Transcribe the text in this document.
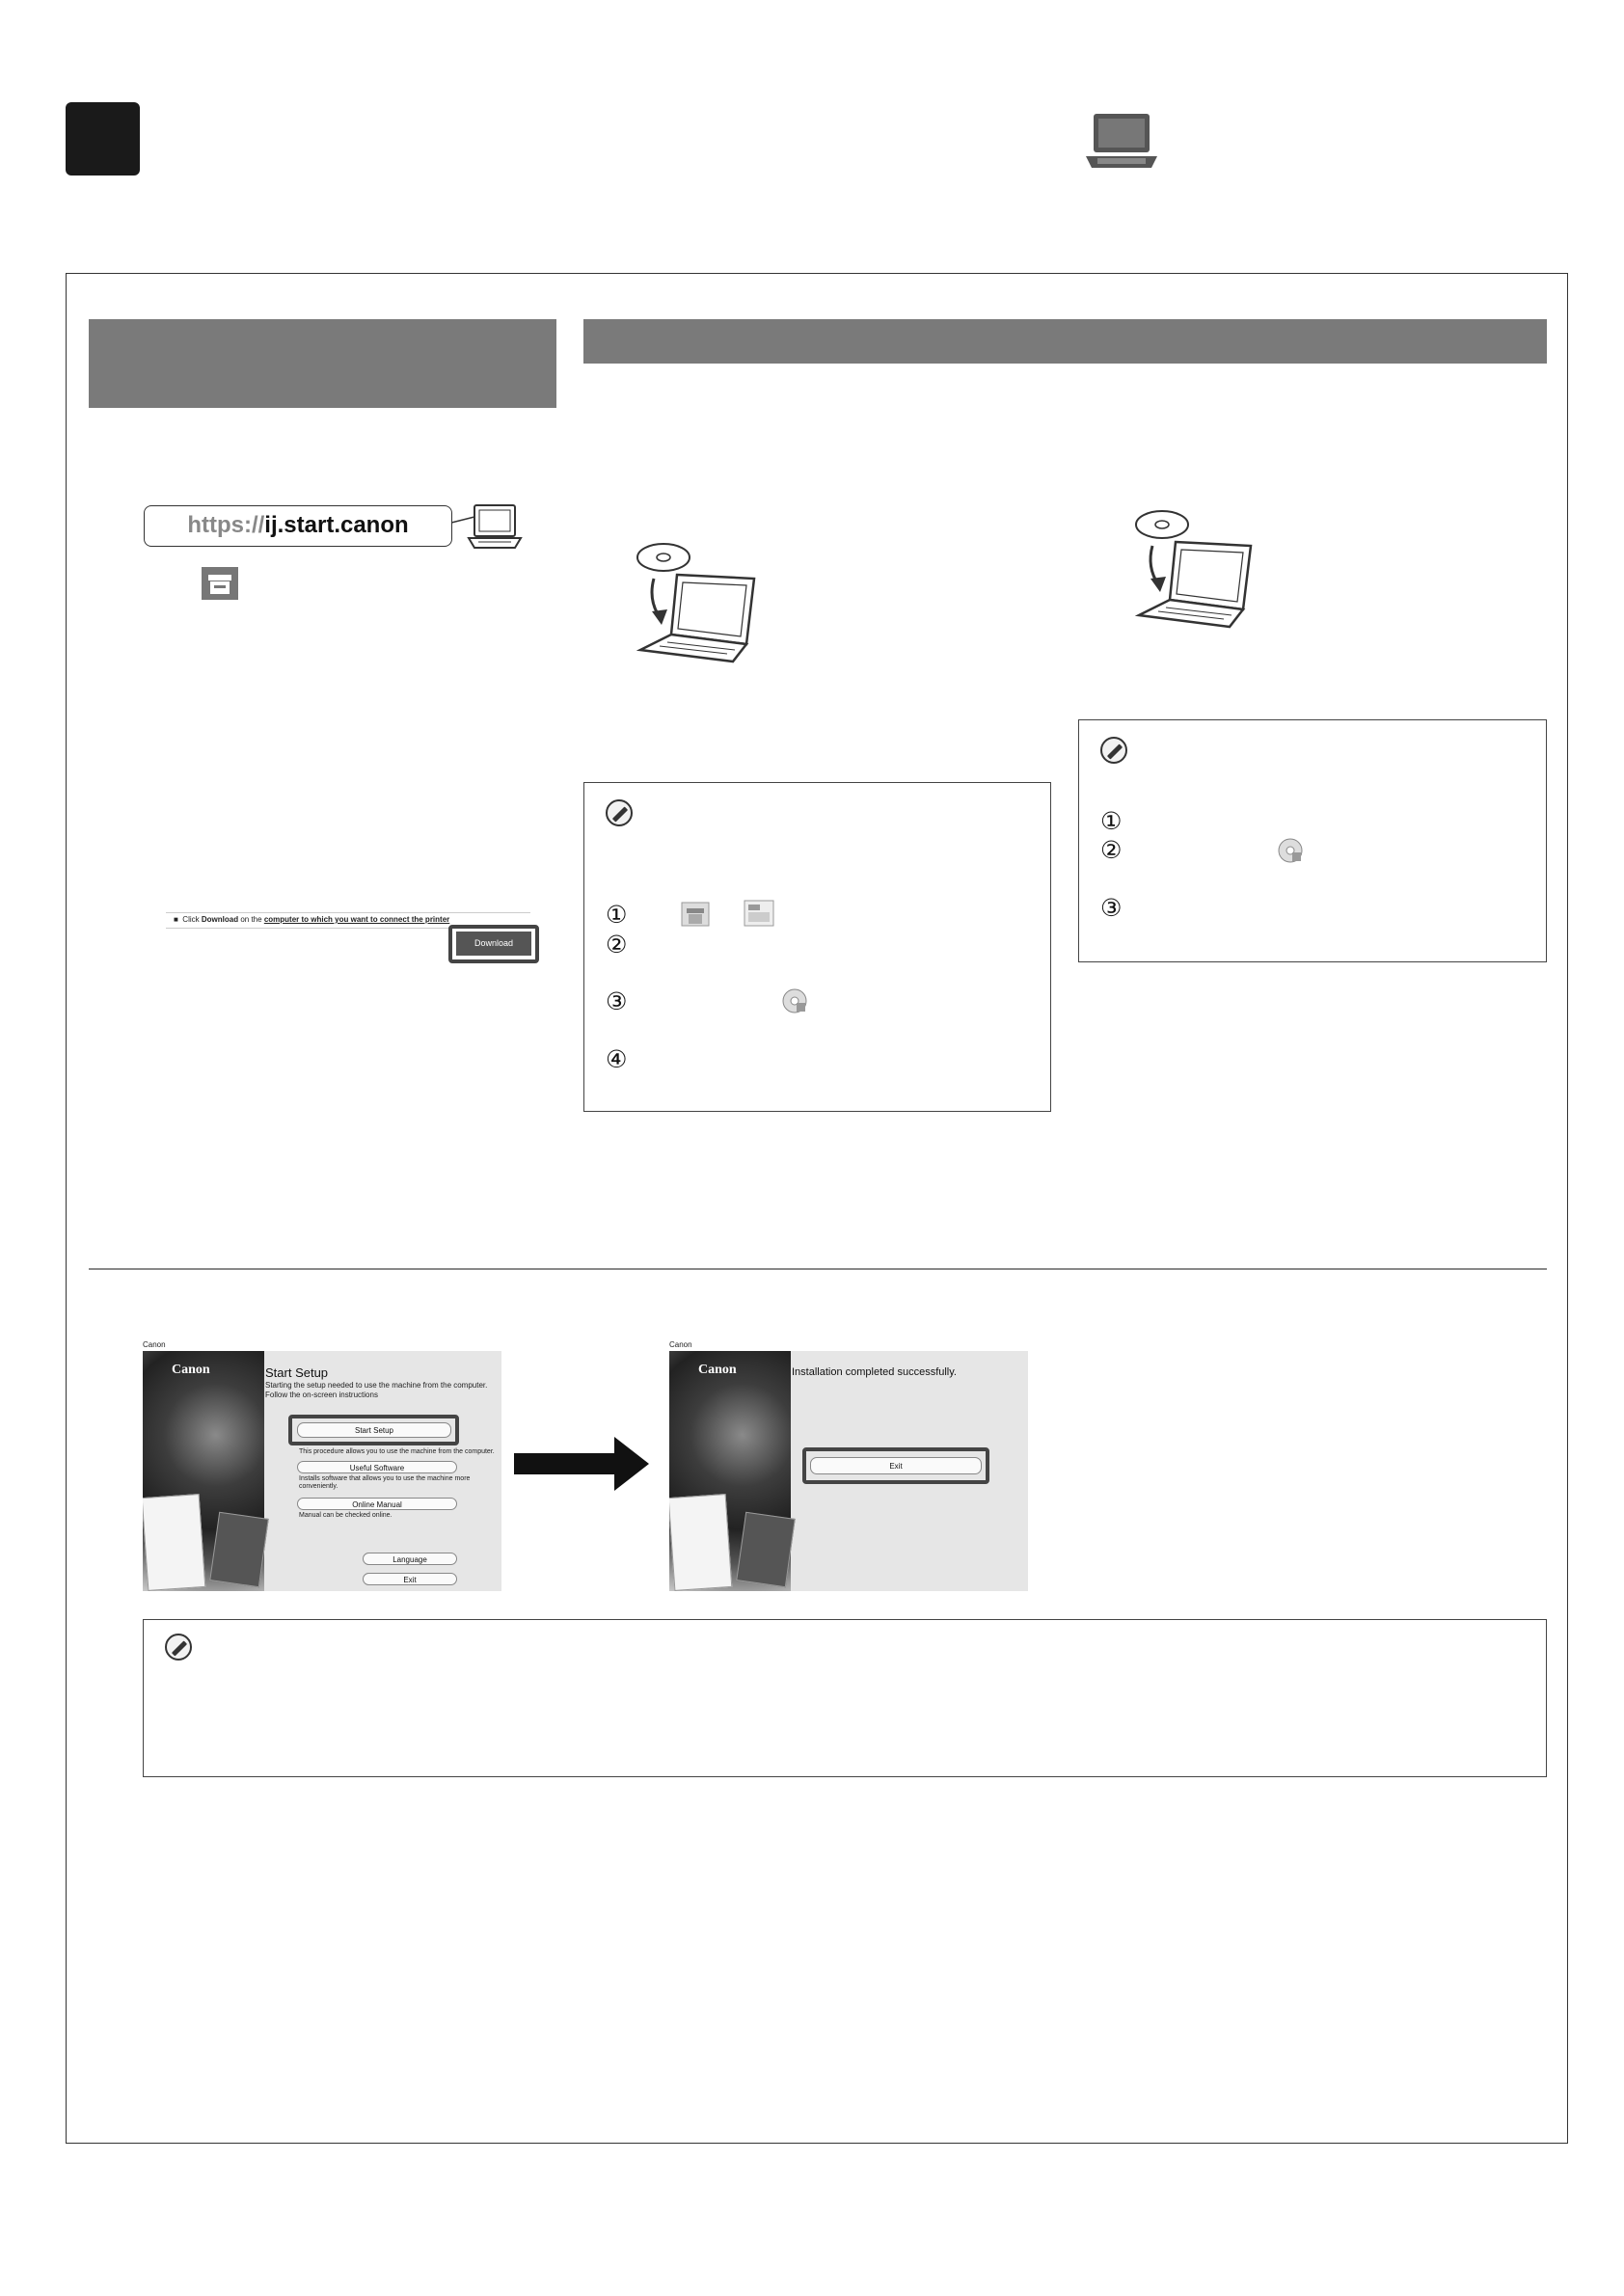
https://ij.start.canon
■ Click Download on the computer to which you want to connect the printer
Download
①
②
③
④
①
②
③
Canon
Canon	Start Setup
Starting the setup needed to use the machine from the computer.
Follow the on-screen instructions
Start Setup
This procedure allows you to use the machine from the computer.
Useful Software
Installs software that allows you to use the machine more
conveniently.
Online Manual
Manual can be checked online.
Language
Exit
Canon
Canon	Installation completed successfully.
Exit
